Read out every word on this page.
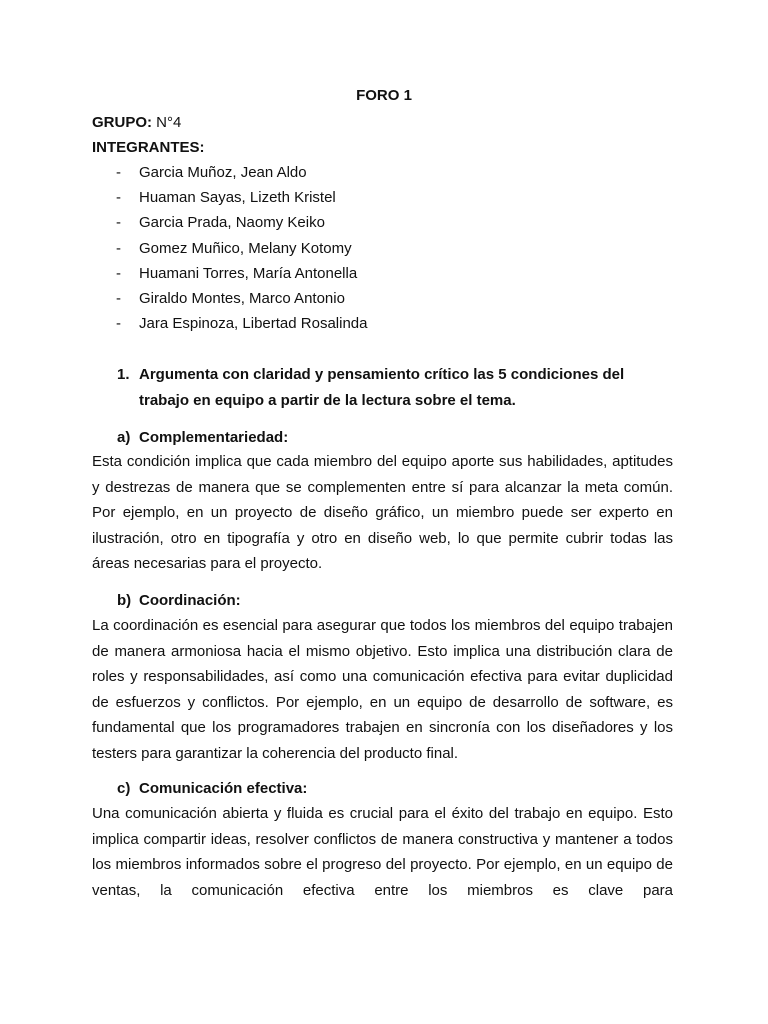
FORO 1
GRUPO: N°4
INTEGRANTES:
- Garcia Muñoz, Jean Aldo
- Huaman Sayas, Lizeth Kristel
- Garcia Prada, Naomy Keiko
- Gomez Muñico, Melany Kotomy
- Huamani Torres, María Antonella
- Giraldo Montes, Marco Antonio
- Jara Espinoza, Libertad Rosalinda
1. Argumenta con claridad y pensamiento crítico las 5 condiciones del trabajo en equipo a partir de la lectura sobre el tema.
a) Complementariedad:
Esta condición implica que cada miembro del equipo aporte sus habilidades, aptitudes y destrezas de manera que se complementen entre sí para alcanzar la meta común. Por ejemplo, en un proyecto de diseño gráfico, un miembro puede ser experto en ilustración, otro en tipografía y otro en diseño web, lo que permite cubrir todas las áreas necesarias para el proyecto.
b) Coordinación:
La coordinación es esencial para asegurar que todos los miembros del equipo trabajen de manera armoniosa hacia el mismo objetivo. Esto implica una distribución clara de roles y responsabilidades, así como una comunicación efectiva para evitar duplicidad de esfuerzos y conflictos. Por ejemplo, en un equipo de desarrollo de software, es fundamental que los programadores trabajen en sincronía con los diseñadores y los testers para garantizar la coherencia del producto final.
c) Comunicación efectiva:
Una comunicación abierta y fluida es crucial para el éxito del trabajo en equipo. Esto implica compartir ideas, resolver conflictos de manera constructiva y mantener a todos los miembros informados sobre el progreso del proyecto. Por ejemplo, en un equipo de ventas, la comunicación efectiva entre los miembros es clave para
